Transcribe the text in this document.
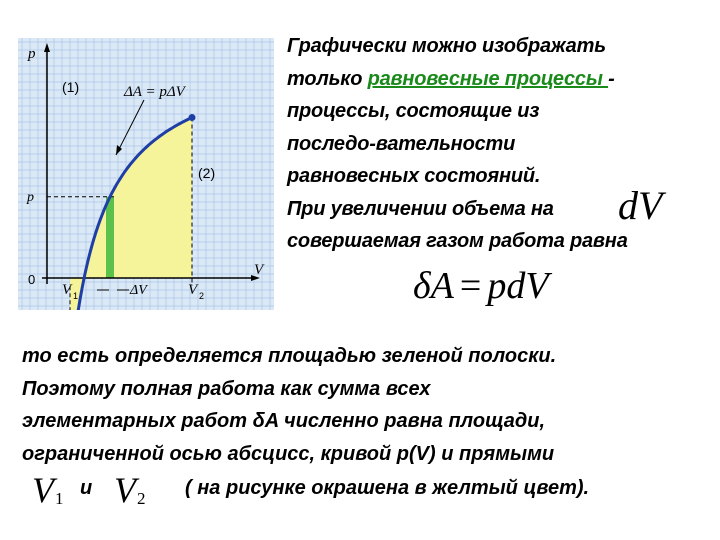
p
V
0
p
(1)
(2)
ΔA = pΔV
V 1	V 2
ΔV
Графически можно изображать
только равновесные процессы -
процессы, состоящие из
последо-вательности
равновесных состояний.
При увеличении объема на
совершаемая газом работа равна
dV
δA = pdV
то есть определяется площадью зеленой полоски.
Поэтому полная работа как сумма всех
элементарных работ δA численно равна площади,
ограниченной осью абсцисс, кривой p(V) и прямыми
$V_1$ и $V_2$ ( на рисунке окрашена в желтый цвет).
